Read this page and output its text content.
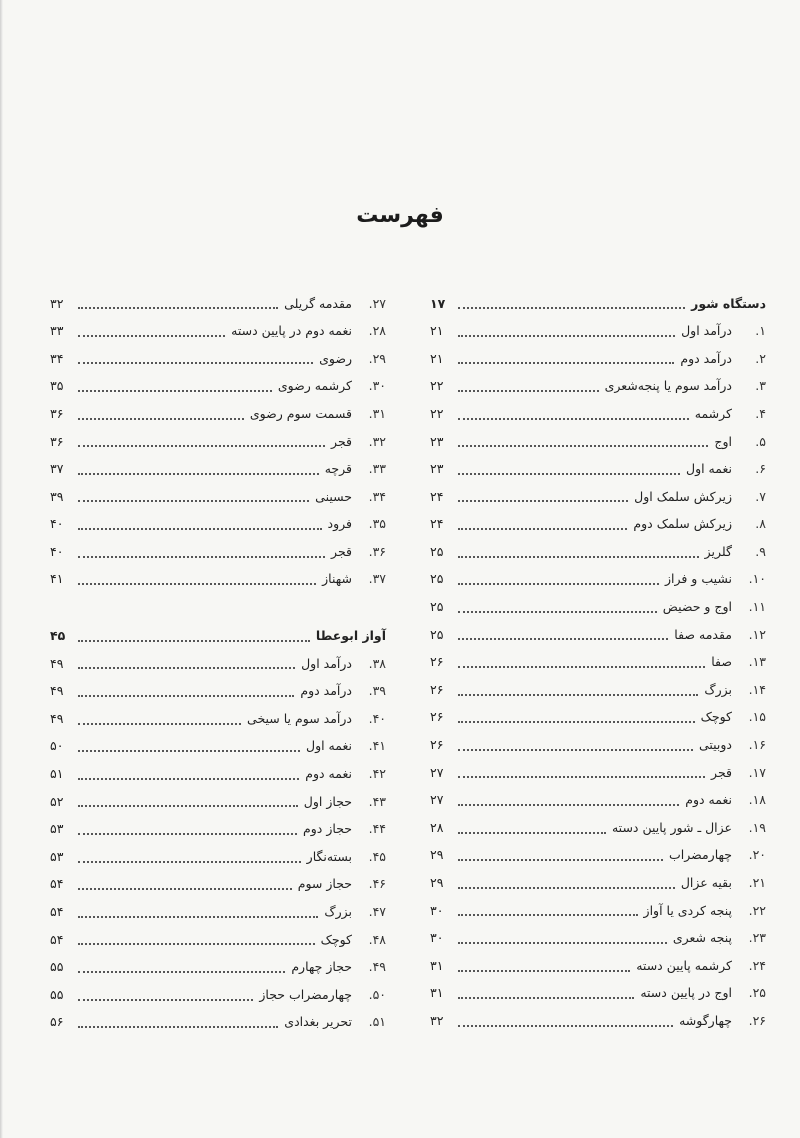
فهرست
دستگاه شور
۱۷
۱.
درآمد اول
۲۱
۲.
درآمد دوم
۲۱
۳.
درآمد سوم یا پنجه‌شعری
۲۲
۴.
کرشمه
۲۲
۵.
اوج
۲۳
۶.
نغمه اول
۲۳
۷.
زیرکش سلمک اول
۲۴
۸.
زیرکش سلمک دوم
۲۴
۹.
گلریز
۲۵
۱۰.
نشیب و فراز
۲۵
۱۱.
اوج و حضیض
۲۵
۱۲.
مقدمه صفا
۲۵
۱۳.
صفا
۲۶
۱۴.
بزرگ
۲۶
۱۵.
کوچک
۲۶
۱۶.
دوبیتی
۲۶
۱۷.
قجر
۲۷
۱۸.
نغمه دوم
۲۷
۱۹.
عزال ـ شور پایین دسته
۲۸
۲۰.
چهارمضراب
۲۹
۲۱.
بقیه عزال
۲۹
۲۲.
پنجه کردی یا آواز
۳۰
۲۳.
پنجه شعری
۳۰
۲۴.
کرشمه پایین دسته
۳۱
۲۵.
اوج در پایین دسته
۳۱
۲۶.
چهارگوشه
۳۲
۲۷.
مقدمه گریلی
۳۲
۲۸.
نغمه دوم در پایین دسته
۳۳
۲۹.
رضوی
۳۴
۳۰.
کرشمه رضوی
۳۵
۳۱.
قسمت سوم رضوی
۳۶
۳۲.
قجر
۳۶
۳۳.
قرچه
۳۷
۳۴.
حسینی
۳۹
۳۵.
فرود
۴۰
۳۶.
قجر
۴۰
۳۷.
شهناز
۴۱
آواز ابوعطا
۴۵
۳۸.
درآمد اول
۴۹
۳۹.
درآمد دوم
۴۹
۴۰.
درآمد سوم یا سیخی
۴۹
۴۱.
نغمه اول
۵۰
۴۲.
نغمه دوم
۵۱
۴۳.
حجاز اول
۵۲
۴۴.
حجاز دوم
۵۳
۴۵.
بسته‌نگار
۵۳
۴۶.
حجاز سوم
۵۴
۴۷.
بزرگ
۵۴
۴۸.
کوچک
۵۴
۴۹.
حجاز چهارم
۵۵
۵۰.
چهارمضراب حجاز
۵۵
۵۱.
تحریر بغدادی
۵۶
